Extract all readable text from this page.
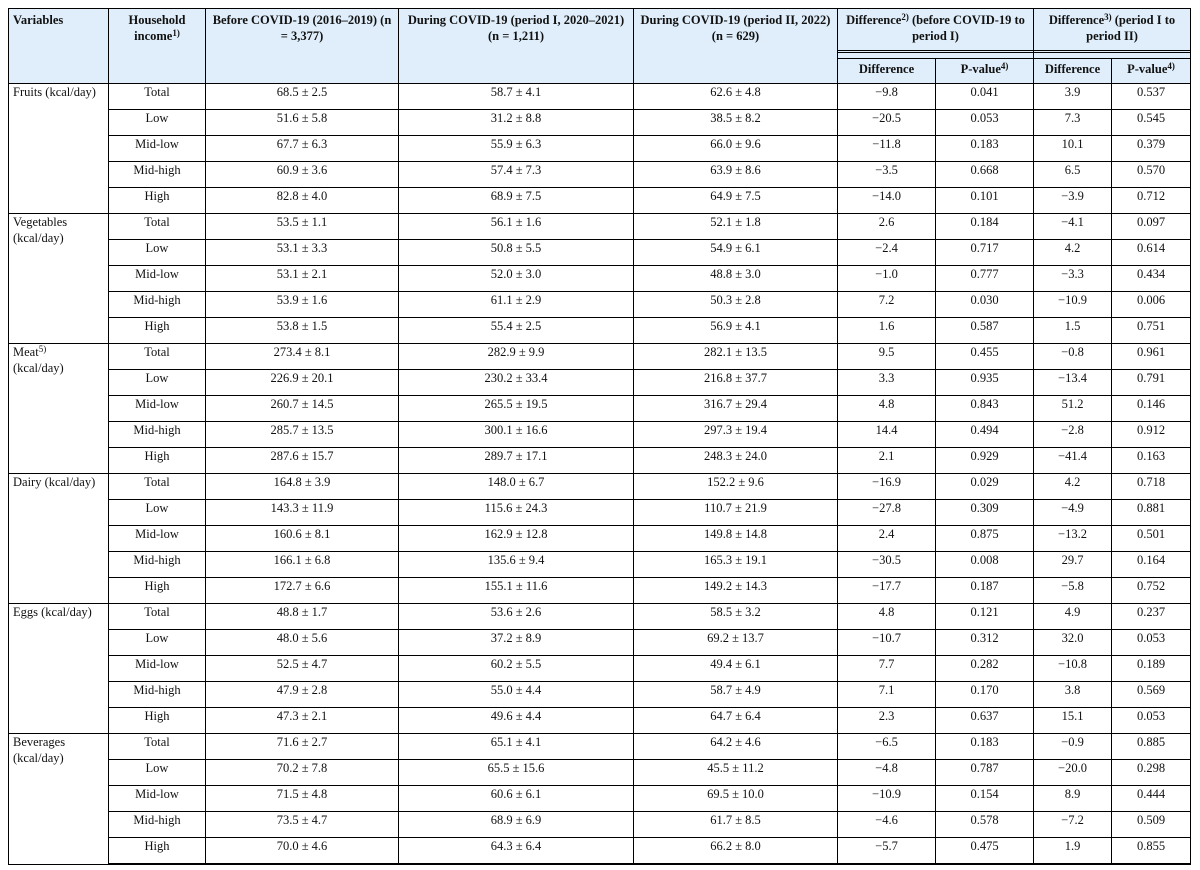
Variables	Household income$^{1)}$	Before COVID-19 (2016–2019) (n = 3,377)	During COVID-19 (period I, 2020–2021) (n = 1,211)	During COVID-19 (period II, 2022) (n = 629)	Difference$^{2)}$ (before COVID-19 to period I)		Difference$^{3)}$ (period I to period II)	

					Difference	P-value$^{4)}$	Difference	P-value$^{4)}$
Fruits (kcal/day)	Total	68.5 ± 2.5	58.7 ± 4.1	62.6 ± 4.8	−9.8	0.041	3.9	0.537
	Low	51.6 ± 5.8	31.2 ± 8.8	38.5 ± 8.2	−20.5	0.053	7.3	0.545
	Mid-low	67.7 ± 6.3	55.9 ± 6.3	66.0 ± 9.6	−11.8	0.183	10.1	0.379
	Mid-high	60.9 ± 3.6	57.4 ± 7.3	63.9 ± 8.6	−3.5	0.668	6.5	0.570
	High	82.8 ± 4.0	68.9 ± 7.5	64.9 ± 7.5	−14.0	0.101	−3.9	0.712
Vegetables (kcal/day)	Total	53.5 ± 1.1	56.1 ± 1.6	52.1 ± 1.8	2.6	0.184	−4.1	0.097
	Low	53.1 ± 3.3	50.8 ± 5.5	54.9 ± 6.1	−2.4	0.717	4.2	0.614
	Mid-low	53.1 ± 2.1	52.0 ± 3.0	48.8 ± 3.0	−1.0	0.777	−3.3	0.434
	Mid-high	53.9 ± 1.6	61.1 ± 2.9	50.3 ± 2.8	7.2	0.030	−10.9	0.006
	High	53.8 ± 1.5	55.4 ± 2.5	56.9 ± 4.1	1.6	0.587	1.5	0.751
Meat$^{5)}$
(kcal/day)	Total	273.4 ± 8.1	282.9 ± 9.9	282.1 ± 13.5	9.5	0.455	−0.8	0.961
	Low	226.9 ± 20.1	230.2 ± 33.4	216.8 ± 37.7	3.3	0.935	−13.4	0.791
	Mid-low	260.7 ± 14.5	265.5 ± 19.5	316.7 ± 29.4	4.8	0.843	51.2	0.146
	Mid-high	285.7 ± 13.5	300.1 ± 16.6	297.3 ± 19.4	14.4	0.494	−2.8	0.912
	High	287.6 ± 15.7	289.7 ± 17.1	248.3 ± 24.0	2.1	0.929	−41.4	0.163
Dairy (kcal/day)	Total	164.8 ± 3.9	148.0 ± 6.7	152.2 ± 9.6	−16.9	0.029	4.2	0.718
	Low	143.3 ± 11.9	115.6 ± 24.3	110.7 ± 21.9	−27.8	0.309	−4.9	0.881
	Mid-low	160.6 ± 8.1	162.9 ± 12.8	149.8 ± 14.8	2.4	0.875	−13.2	0.501
	Mid-high	166.1 ± 6.8	135.6 ± 9.4	165.3 ± 19.1	−30.5	0.008	29.7	0.164
	High	172.7 ± 6.6	155.1 ± 11.6	149.2 ± 14.3	−17.7	0.187	−5.8	0.752
Eggs (kcal/day)	Total	48.8 ± 1.7	53.6 ± 2.6	58.5 ± 3.2	4.8	0.121	4.9	0.237
	Low	48.0 ± 5.6	37.2 ± 8.9	69.2 ± 13.7	−10.7	0.312	32.0	0.053
	Mid-low	52.5 ± 4.7	60.2 ± 5.5	49.4 ± 6.1	7.7	0.282	−10.8	0.189
	Mid-high	47.9 ± 2.8	55.0 ± 4.4	58.7 ± 4.9	7.1	0.170	3.8	0.569
	High	47.3 ± 2.1	49.6 ± 4.4	64.7 ± 6.4	2.3	0.637	15.1	0.053
Beverages (kcal/day)	Total	71.6 ± 2.7	65.1 ± 4.1	64.2 ± 4.6	−6.5	0.183	−0.9	0.885
	Low	70.2 ± 7.8	65.5 ± 15.6	45.5 ± 11.2	−4.8	0.787	−20.0	0.298
	Mid-low	71.5 ± 4.8	60.6 ± 6.1	69.5 ± 10.0	−10.9	0.154	8.9	0.444
	Mid-high	73.5 ± 4.7	68.9 ± 6.9	61.7 ± 8.5	−4.6	0.578	−7.2	0.509
	High	70.0 ± 4.6	64.3 ± 6.4	66.2 ± 8.0	−5.7	0.475	1.9	0.855
